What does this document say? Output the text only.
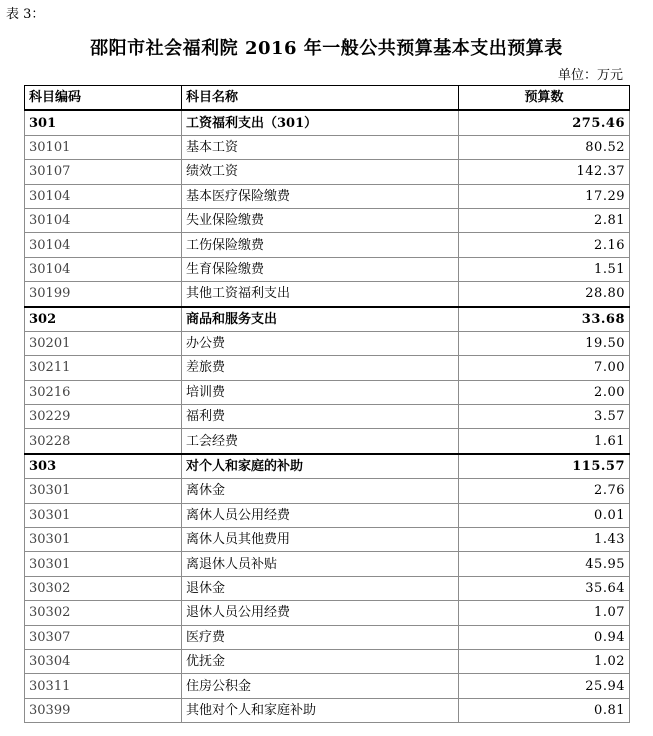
表 3：
邵阳市社会福利院 2016 年一般公共预算基本支出预算表
单位：万元
科目编码	科目名称	预算数
301	工资福利支出（301）	275.46
30101	基本工资	80.52
30107	绩效工资	142.37
30104	基本医疗保险缴费	17.29
30104	失业保险缴费	2.81
30104	工伤保险缴费	2.16
30104	生育保险缴费	1.51
30199	其他工资福利支出	28.80
302	商品和服务支出	33.68
30201	办公费	19.50
30211	差旅费	7.00
30216	培训费	2.00
30229	福利费	3.57
30228	工会经费	1.61
303	对个人和家庭的补助	115.57
30301	离休金	2.76
30301	离休人员公用经费	0.01
30301	离休人员其他费用	1.43
30301	离退休人员补贴	45.95
30302	退休金	35.64
30302	退休人员公用经费	1.07
30307	医疗费	0.94
30304	优抚金	1.02
30311	住房公积金	25.94
30399	其他对个人和家庭补助	0.81
